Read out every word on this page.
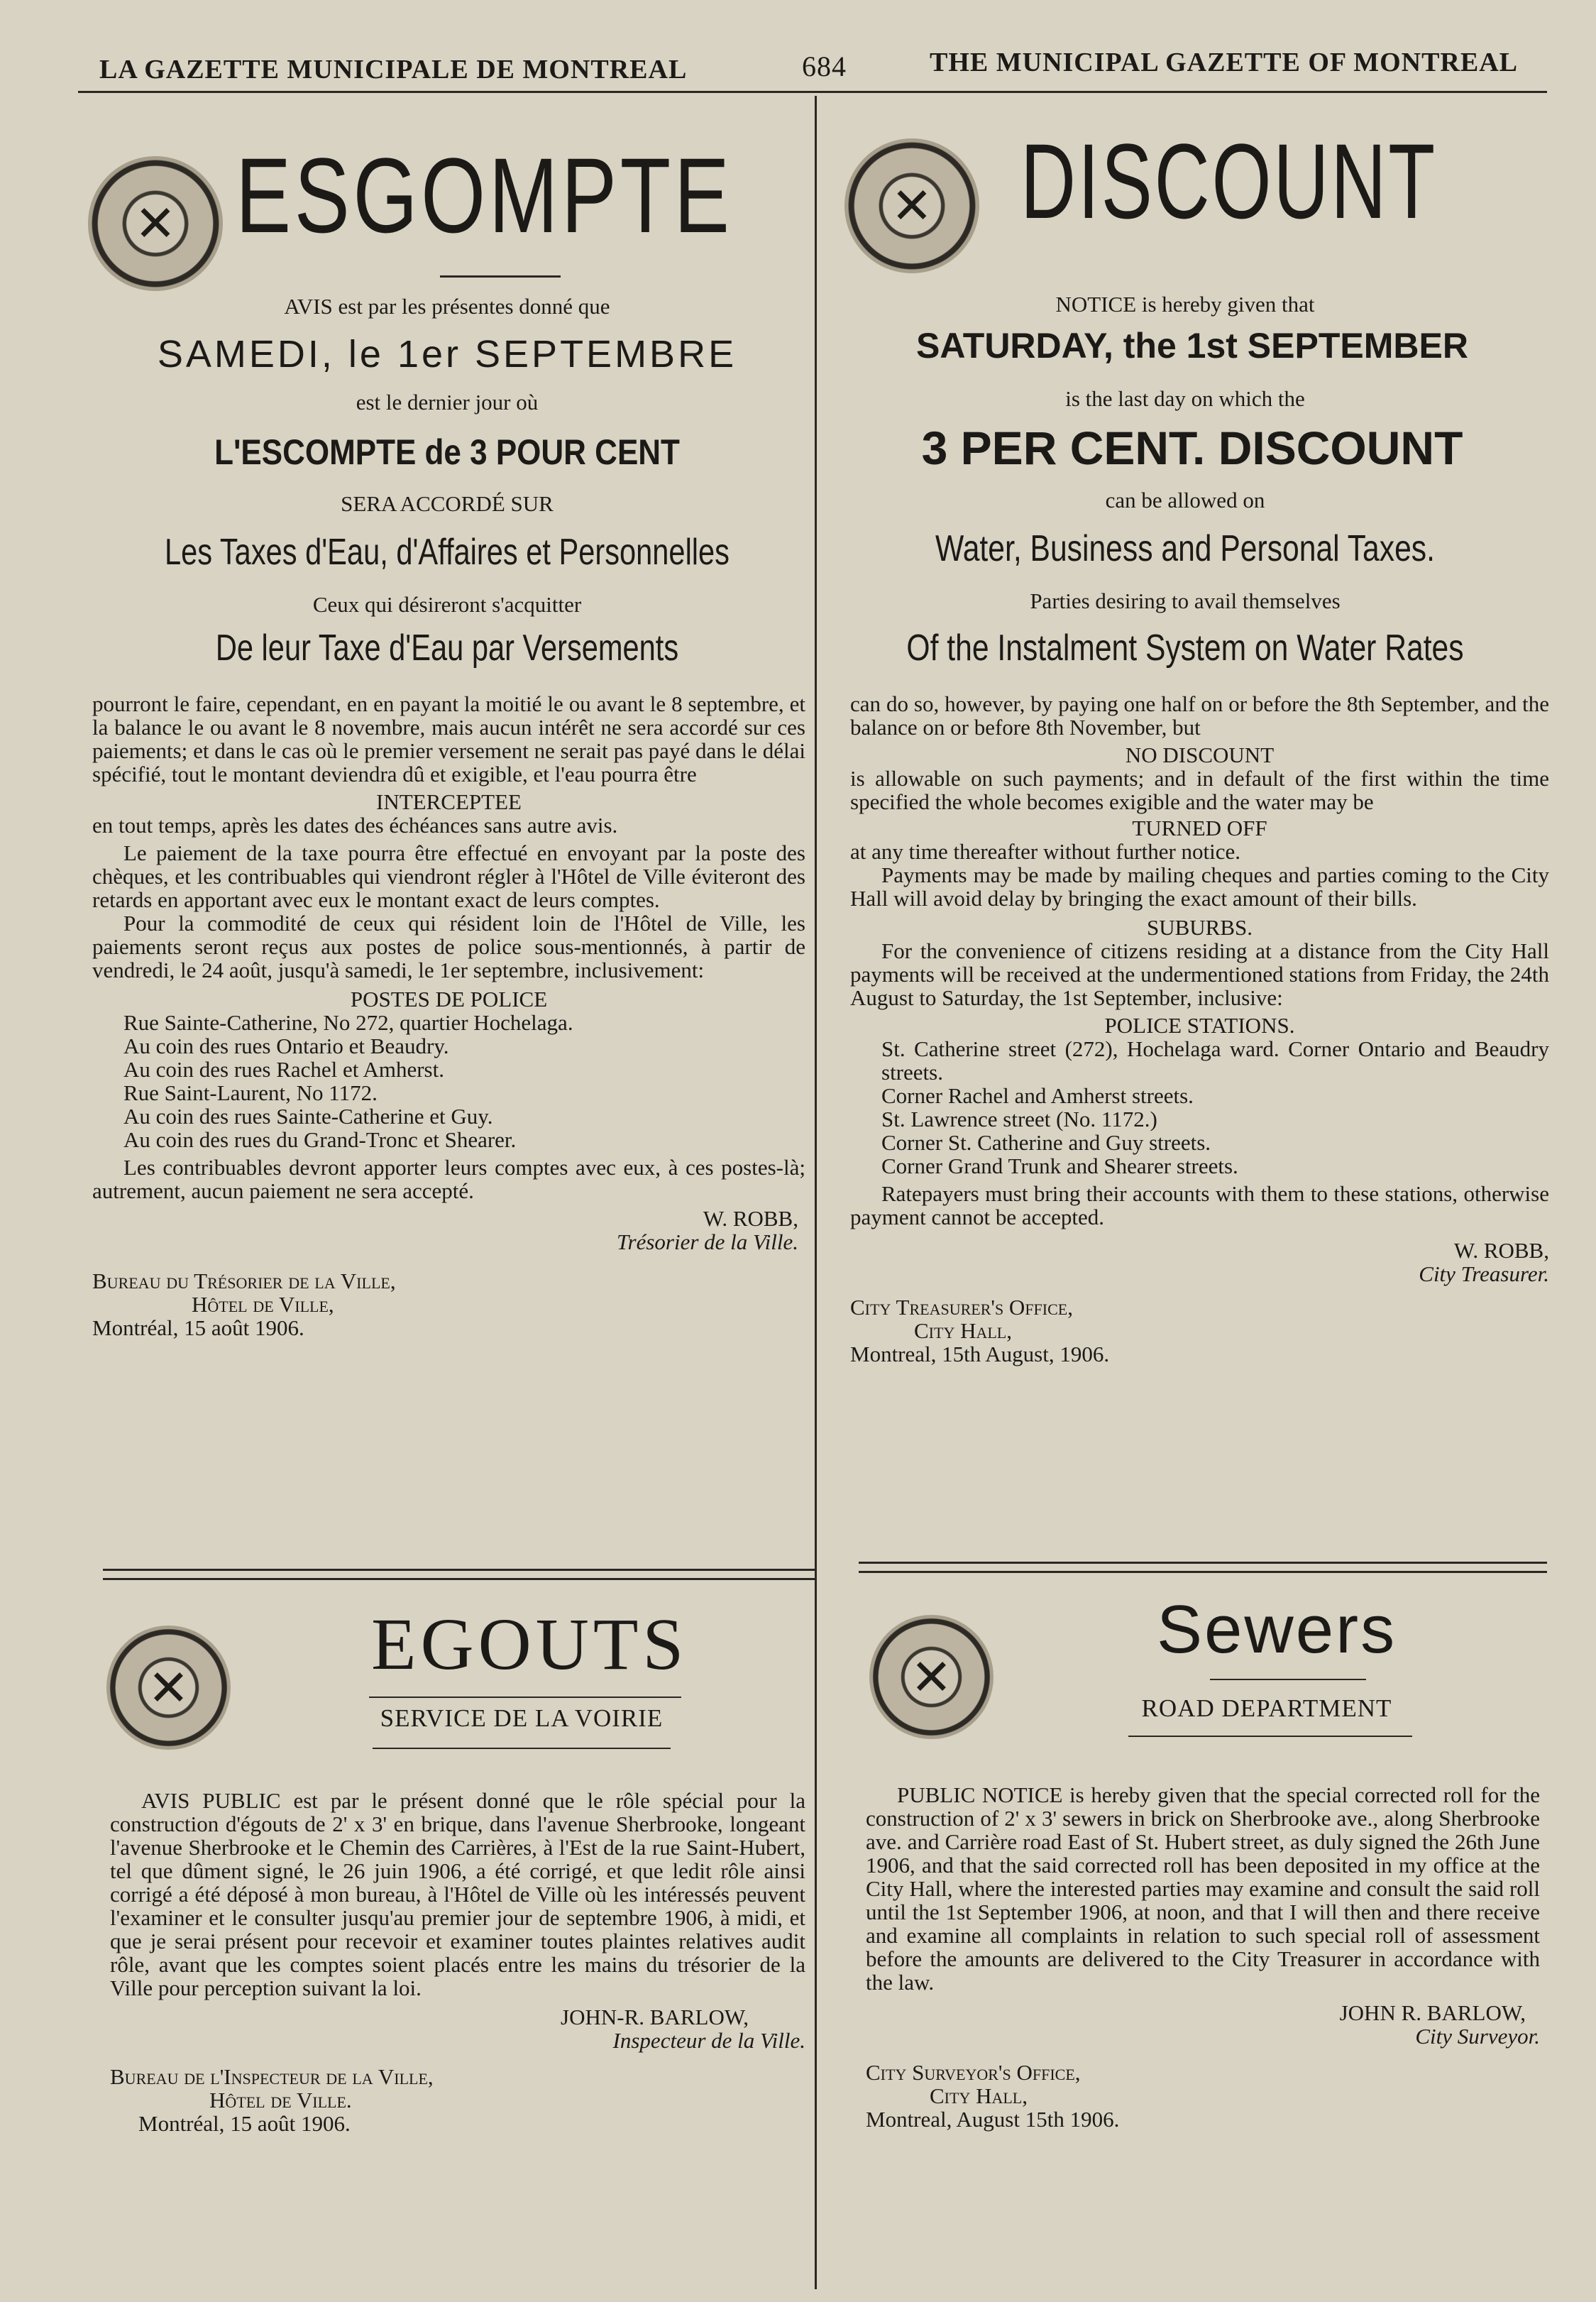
LA GAZETTE MUNICIPALE DE MONTREAL	684	THE MUNICIPAL GAZETTE OF MONTREAL
✕
ESGOMPTE
AVIS est par les présentes donné que
SAMEDI, le 1er SEPTEMBRE
est le dernier jour où
L'ESCOMPTE de 3 POUR CENT
SERA ACCORDÉ SUR
Les Taxes d'Eau, d'Affaires et Personnelles
Ceux qui désireront s'acquitter
De leur Taxe d'Eau par Versements

pourront le faire, cependant, en en payant la moitié le ou avant le 8 septembre, et la balance le ou avant le 8 novembre, mais aucun intérêt ne sera accordé sur ces paiements; et dans le cas où le premier versement ne serait pas payé dans le délai spécifié, tout le montant deviendra dû et exigible, et l'eau pourra être

INTERCEPTEE

en tout temps, après les dates des échéances sans autre avis.

Le paiement de la taxe pourra être effectué en envoyant par la poste des chèques, et les contribuables qui viendront régler à l'Hôtel de Ville éviteront des retards en apportant avec eux le montant exact de leurs comptes.

Pour la commodité de ceux qui résident loin de l'Hôtel de Ville, les paiements seront reçus aux postes de police sous-mentionnés, à partir de vendredi, le 24 août, jusqu'à samedi, le 1er septembre, inclusivement:

POSTES DE POLICE

Rue Sainte-Catherine, No 272, quartier Hochelaga.
Au coin des rues Ontario et Beaudry.
Au coin des rues Rachel et Amherst.
Rue Saint-Laurent, No 1172.
Au coin des rues Sainte-Catherine et Guy.
Au coin des rues du Grand-Tronc et Shearer.

Les contribuables devront apporter leurs comptes avec eux, à ces postes-là; autrement, aucun paiement ne sera accepté.

W. ROBB,

Trésorier de la Ville.

Bureau du Trésorier de la Ville,

Hôtel de Ville,

Montréal, 15 août 1906.

✕
DISCOUNT
NOTICE is hereby given that
SATURDAY, the 1st SEPTEMBER
is the last day on which the
3 PER CENT. DISCOUNT
can be allowed on
Water, Business and Personal Taxes.
Parties desiring to avail themselves
Of the Instalment System on Water Rates

can do so, however, by paying one half on or before the 8th September, and the balance on or before 8th November, but

NO DISCOUNT

is allowable on such payments; and in default of the first within the time specified the whole becomes exigible and the water may be

TURNED OFF

at any time thereafter without further notice.

Payments may be made by mailing cheques and parties coming to the City Hall will avoid delay by bringing the exact amount of their bills.

SUBURBS.

For the convenience of citizens residing at a distance from the City Hall payments will be received at the undermentioned stations from Friday, the 24th August to Saturday, the 1st September, inclusive:

POLICE STATIONS.

St. Catherine street (272), Hochelaga ward. Corner Ontario and Beaudry streets.
Corner Rachel and Amherst streets.
St. Lawrence street (No. 1172.)
Corner St. Catherine and Guy streets.
Corner Grand Trunk and Shearer streets.

Ratepayers must bring their accounts with them to these stations, otherwise payment cannot be accepted.

W. ROBB,

City Treasurer.

City Treasurer's Office,

City Hall,

Montreal, 15th August, 1906.

✕
EGOUTS
SERVICE DE LA VOIRIE

AVIS PUBLIC est par le présent donné que le rôle spécial pour la construction d'égouts de 2' x 3' en brique, dans l'avenue Sherbrooke, longeant l'avenue Sherbrooke et le Chemin des Carrières, à l'Est de la rue Saint-Hubert, tel que dûment signé, le 26 juin 1906, a été corrigé, et que ledit rôle ainsi corrigé a été déposé à mon bureau, à l'Hôtel de Ville où les intéressés peuvent l'examiner et le consulter jusqu'au premier jour de septembre 1906, à midi, et que je serai présent pour recevoir et examiner toutes plaintes relatives audit rôle, avant que les comptes soient placés entre les mains du trésorier de la Ville pour perception suivant la loi.

JOHN-R. BARLOW,

Inspecteur de la Ville.

Bureau de l'Inspecteur de la Ville,

Hôtel de Ville.

Montréal, 15 août 1906.

✕
Sewers
ROAD DEPARTMENT

PUBLIC NOTICE is hereby given that the special corrected roll for the construction of 2' x 3' sewers in brick on Sherbrooke ave., along Sherbrooke ave. and Carrière road East of St. Hubert street, as duly signed the 26th June 1906, and that the said corrected roll has been deposited in my office at the City Hall, where the interested parties may examine and consult the said roll until the 1st September 1906, at noon, and that I will then and there receive and examine all complaints in relation to such special roll of assessment before the amounts are delivered to the City Treasurer in accordance with the law.

JOHN R. BARLOW,

City Surveyor.

City Surveyor's Office,

City Hall,

Montreal, August 15th 1906.
